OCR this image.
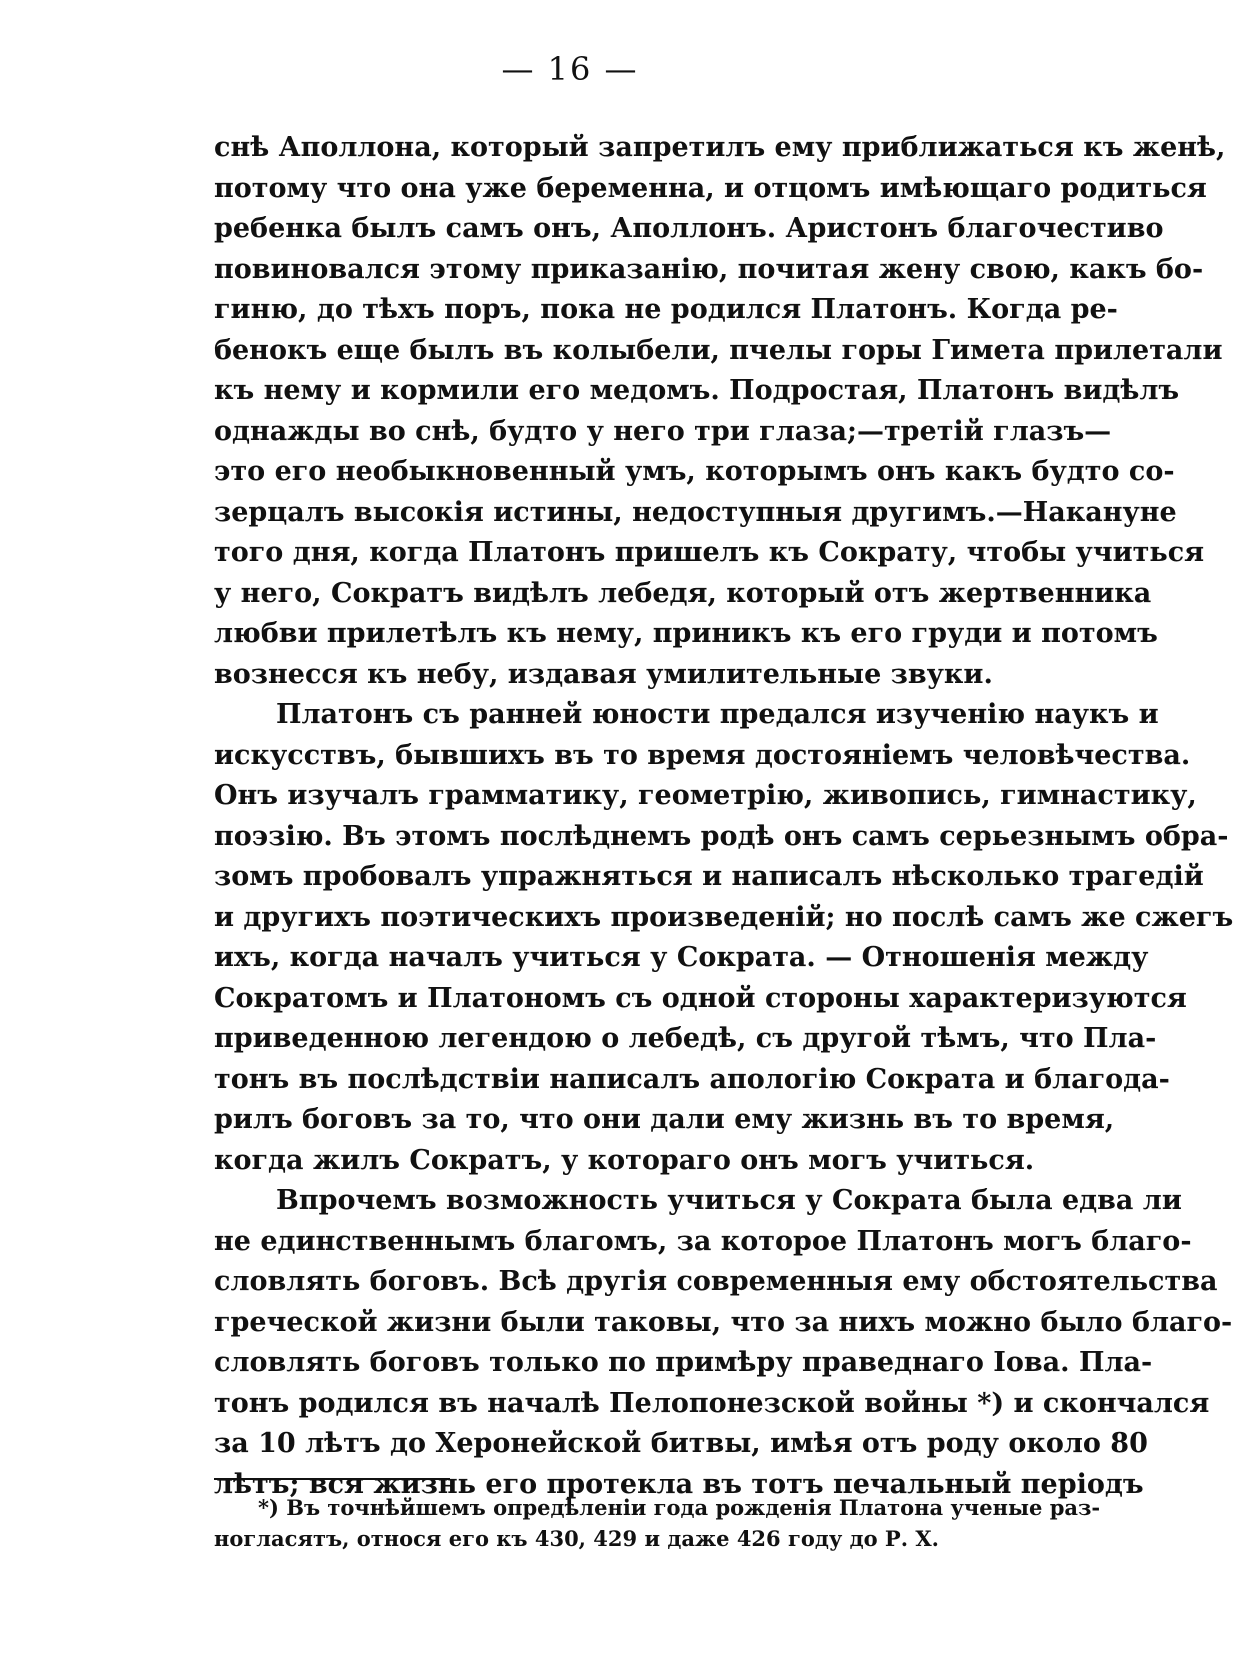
— 16 —
снѣ Аполлона, который запретилъ ему приближаться къ женѣ,
потому что она уже беременна, и отцомъ имѣющаго родиться
ребенка былъ самъ онъ, Аполлонъ. Аристонъ благочестиво
повиновался этому приказанію, почитая жену свою, какъ бо-
гиню, до тѣхъ поръ, пока не родился Платонъ. Когда ре-
бенокъ еще былъ въ колыбели, пчелы горы Гимета прилетали
къ нему и кормили его медомъ. Подростая, Платонъ видѣлъ
однажды во снѣ, будто у него три глаза;—третій глазъ—
это его необыкновенный умъ, которымъ онъ какъ будто со-
зерцалъ высокія истины, недоступныя другимъ.—Накануне
того дня, когда Платонъ пришелъ къ Сократу, чтобы учиться
у него, Сократъ видѣлъ лебедя, который отъ жертвенника
любви прилетѣлъ къ нему, приникъ къ его груди и потомъ
вознесся къ небу, издавая умилительные звуки.
Платонъ съ ранней юности предался изученію наукъ и
искусствъ, бывшихъ въ то время достояніемъ человѣчества.
Онъ изучалъ грамматику, геометрію, живопись, гимнастику,
поэзію. Въ этомъ послѣднемъ родѣ онъ самъ серьезнымъ обра-
зомъ пробовалъ упражняться и написалъ нѣсколько трагедій
и другихъ поэтическихъ произведеній; но послѣ самъ же сжегъ
ихъ, когда началъ учиться у Сократа. — Отношенія между
Сократомъ и Платономъ съ одной стороны характеризуются
приведенною легендою о лебедѣ, съ другой тѣмъ, что Пла-
тонъ въ послѣдствіи написалъ апологію Сократа и благода-
рилъ боговъ за то, что они дали ему жизнь въ то время,
когда жилъ Сократъ, у котораго онъ могъ учиться.
Впрочемъ возможность учиться у Сократа была едва ли
не единственнымъ благомъ, за которое Платонъ могъ благо-
словлять боговъ. Всѣ другія современныя ему обстоятельства
греческой жизни были таковы, что за нихъ можно было благо-
словлять боговъ только по примѣру праведнаго Іова. Пла-
тонъ родился въ началѣ Пелопонезской войны *) и скончался
за 10 лѣтъ до Херонейской битвы, имѣя отъ роду около 80
лѣтъ; вся жизнь его протекла въ тотъ печальный періодъ
*) Въ точнѣйшемъ опредѣленіи года рожденія Платона ученые раз-
ногласятъ, относя его къ 430, 429 и даже 426 году до Р. Х.
